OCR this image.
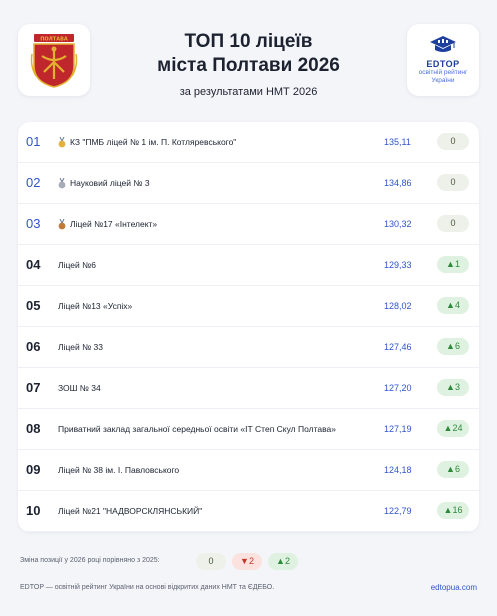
ПОЛТАВА	ТОП 10 ліцеїв
міста Полтави 2026
за результатами НМТ 2026
EDTOP
освітній рейтинг
України
01	КЗ "ПМБ ліцей № 1 ім. П. Котляревського"	135,11	0
02	Науковий ліцей № 3	134,86	0
03	Ліцей №17 «Інтелект»	130,32	0
04	Ліцей №6	129,33	▲1
05	Ліцей №13 «Успіх»	128,02	▲4
06	Ліцей № 33	127,46	▲6
07	ЗОШ № 34	127,20	▲3
08	Приватний заклад загальної середньої освіти «ІТ Степ Скул Полтава»	127,19	▲24
09	Ліцей № 38 ім. І. Павловського	124,18	▲6
10	Ліцей №21 "НАДВОРСКЛЯНСЬКИЙ"	122,79	▲16
Зміна позиції у 2026 році порівняно з 2025:	0	▼2	▲2
EDTOP — освітній рейтинг України на основі відкритих даних НМТ та ЄДЕБО.	edtopua.com
